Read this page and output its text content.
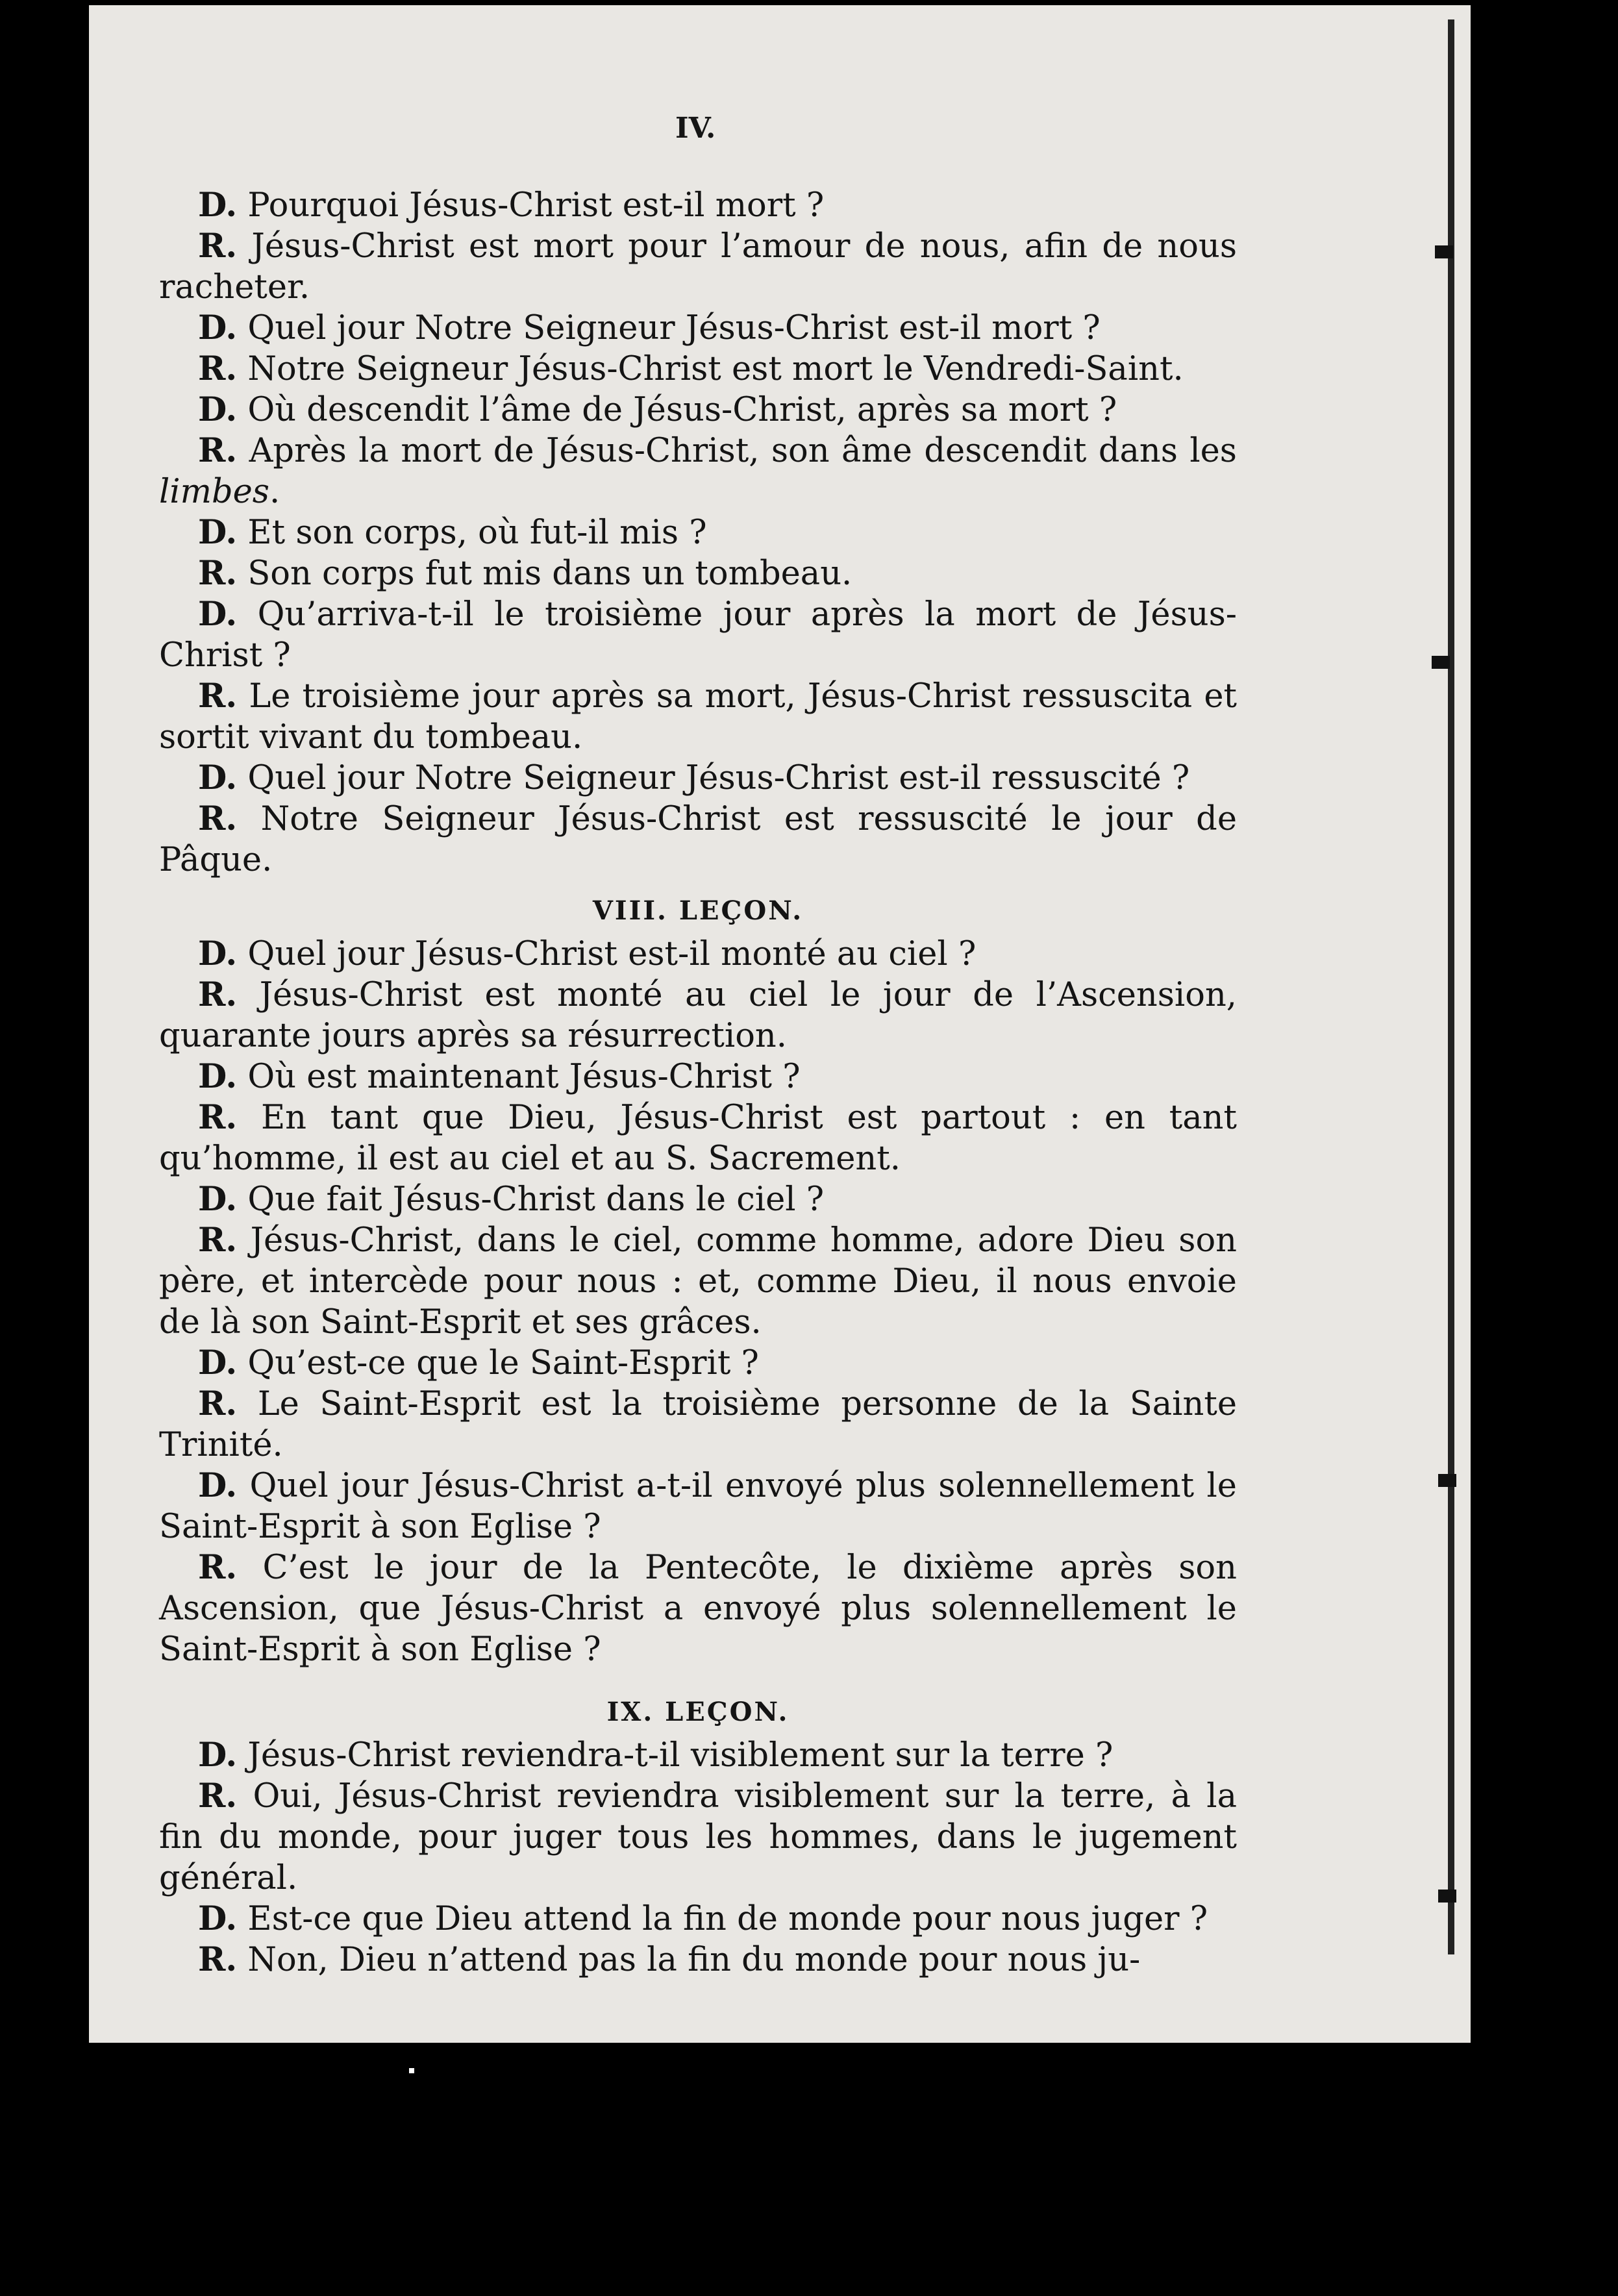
IV.
D. Pourquoi Jésus-Christ est-il mort ?
R. Jésus-Christ est mort pour l’amour de nous, afin de nous racheter.
D. Quel jour Notre Seigneur Jésus-Christ est-il mort ?
R. Notre Seigneur Jésus-Christ est mort le Vendredi-Saint.
D. Où descendit l’âme de Jésus-Christ, après sa mort ?
R. Après la mort de Jésus-Christ, son âme descendit dans les limbes.
D. Et son corps, où fut-il mis ?
R. Son corps fut mis dans un tombeau.
D. Qu’arriva-t-il le troisième jour après la mort de Jésus-Christ ?
R. Le troisième jour après sa mort, Jésus-Christ ressuscita et sortit vivant du tombeau.
D. Quel jour Notre Seigneur Jésus-Christ est-il ressuscité ?
R. Notre Seigneur Jésus-Christ est ressuscité le jour de Pâque.
VIII. LEÇON.
D. Quel jour Jésus-Christ est-il monté au ciel ?
R. Jésus-Christ est monté au ciel le jour de l’Ascension, quarante jours après sa résurrection.
D. Où est maintenant Jésus-Christ ?
R. En tant que Dieu, Jésus-Christ est partout : en tant qu’homme, il est au ciel et au S. Sacrement.
D. Que fait Jésus-Christ dans le ciel ?
R. Jésus-Christ, dans le ciel, comme homme, adore Dieu son père, et intercède pour nous : et, comme Dieu, il nous envoie de là son Saint-Esprit et ses grâces.
D. Qu’est-ce que le Saint-Esprit ?
R. Le Saint-Esprit est la troisième personne de la Sainte Trinité.
D. Quel jour Jésus-Christ a-t-il envoyé plus solennellement le Saint-Esprit à son Eglise ?
R. C’est le jour de la Pentecôte, le dixième après son Ascension, que Jésus-Christ a envoyé plus solennellement le Saint-Esprit à son Eglise ?
IX. LEÇON.
D. Jésus-Christ reviendra-t-il visiblement sur la terre ?
R. Oui, Jésus-Christ reviendra visiblement sur la terre, à la fin du monde, pour juger tous les hommes, dans le jugement général.
D. Est-ce que Dieu attend la fin de monde pour nous juger ?
R. Non, Dieu n’attend pas la fin du monde pour nous ju-
